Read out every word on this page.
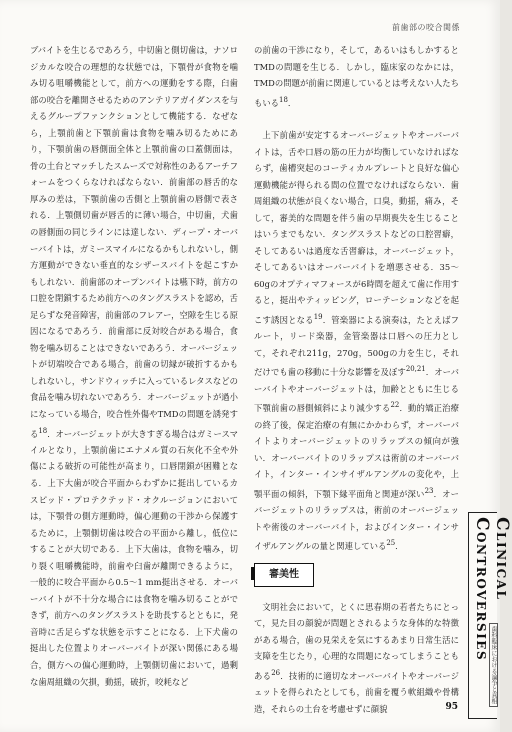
前歯部の咬合関係

ブバイトを生じるであろう，中切歯と側切歯は，ナソロジカルな咬合の理想的な状態では，下顎骨が食物を噛み切る咀嚼機能として，前方への運動をする際，臼歯部の咬合を離開させるためのアンテリアガイダンスを与えるグループファンクションとして機能する．なぜなら，上顎前歯と下顎前歯は食物を噛み切るためにあり，下顎前歯の唇側面全体と上顎前歯の口蓋側面は，骨の土台とマッチしたスムーズで対称性のあるアーチフォームをつくらなければならない．前歯部の唇舌的な厚みの差は，下顎前歯の舌側と上顎前歯の唇側で表される．上顎側切歯が唇舌的に薄い場合，中切歯，犬歯の唇側面の同じラインには達しない．ディープ・オーバーバイトは，ガミースマイルになるかもしれないし，側方運動ができない垂直的なシザースバイトを起こすかもしれない．前歯部のオープンバイトは嚥下時，前方の口腔を閉鎖するため前方へのタングスラストを認め，舌足らずな発音障害，前歯部のフレアー，空隙を生じる原因になるであろう．前歯部に反対咬合がある場合，食物を噛み切ることはできないであろう．オーバージェットが切端咬合である場合，前歯の切縁が破折するかもしれないし，サンドウィッチに入っているレタスなどの食品を噛み切れないであろう．オーバージェットが過小になっている場合，咬合性外傷やTMDの問題を誘発する$^{18}$．オーバージェットが大きすぎる場合はガミースマイルとなり，上顎前歯にエナメル質の石灰化不全や外傷による破折の可能性が高まり，口唇閉鎖が困難となる．上下大歯が咬合平面からわずかに挺出しているカスピッド・プロテクテッド・オクルージョンにおいては，下顎骨の側方運動時，偏心運動の干渉から保護するために，上顎側切歯は咬合の平面から離し，低位にすることが大切である．上下大歯は，食物を噛み，切り裂く咀嚼機能時，前歯や臼歯が離開できるように，一般的に咬合平面から0.5～1 mm挺出させる．オーバーバイトが不十分な場合には食物を噛み切ることができず，前方へのタングスラストを助長するとともに，発音時に舌足らずな状態を示すことになる．上下犬歯の挺出した位置よりオーバーバイトが深い関係にある場合，側方への偏心運動時，上顎側切歯において，過剰な歯周組織の欠損，動揺，破折，咬耗など

の前歯の干渉になり，そして，あるいはもしかするとTMDの問題を生じる．しかし，臨床家のなかには，TMDの問題が前歯に関連しているとは考えない人たちもいる$^{18}$．

上下前歯が安定するオーバージェットやオーバーバイトは，舌や口唇の筋の圧力が均衡していなければならず，歯槽突起のコーティカルプレートと良好な偏心運動機能が得られる間の位置でなければならない．歯周組織の状態が良くない場合，口臭，動揺，痛み，そして，審美的な問題を伴う歯の早期喪失を生じることはいうまでもない．タングスラストなどの口腔習癖，そしてあるいは過度な舌習癖は，オーバージェット，そしてあるいはオーバーバイトを増悪させる．35～60gのオプティマフォースが6時間を超えて歯に作用すると，挺出やティッピング，ローテーションなどを起こす誘因となる$^{19}$．管楽器による演奏は，たとえばフルート，リード楽器，金管楽器は口唇への圧力として，それぞれ211g，270g，500gの力を生じ，それだけでも歯の移動に十分な影響を及ぼす$^{20,21}$．オーバーバイトやオーバージェットは，加齢とともに生じる下顎前歯の唇側傾斜により減少する$^{22}$．動的矯正治療の終了後，保定治療の有無にかかわらず，オーバーバイトよりオーバージェットのリラップスの傾向が強い．オーバーバイトのリラップスは術前のオーバーバイト，インター・インサイザルアングルの変化や，上顎平面の傾斜，下顎下縁平面角と関連が深い$^{23}$．オーバージェットのリラップスは，術前のオーバージェットや術後のオーバーバイト，およびインター・インサイザルアングルの量と関連している$^{25}$．

審美性

文明社会において，とくに思春期の若者たちにとって，見た目の顔貌が問題とされるような身体的な特徴がある場合，歯の見栄えを気にするあまり日常生活に支障を生じたり，心理的な問題になってしまうこともある$^{26}$．技術的に適切なオーバーバイトやオーバージェットを得られたとしても，前歯を覆う軟組織や骨構造，それらの土台を考慮せずに顔貌

Clinical Controversies
歯科臨床における論争と真相
95
